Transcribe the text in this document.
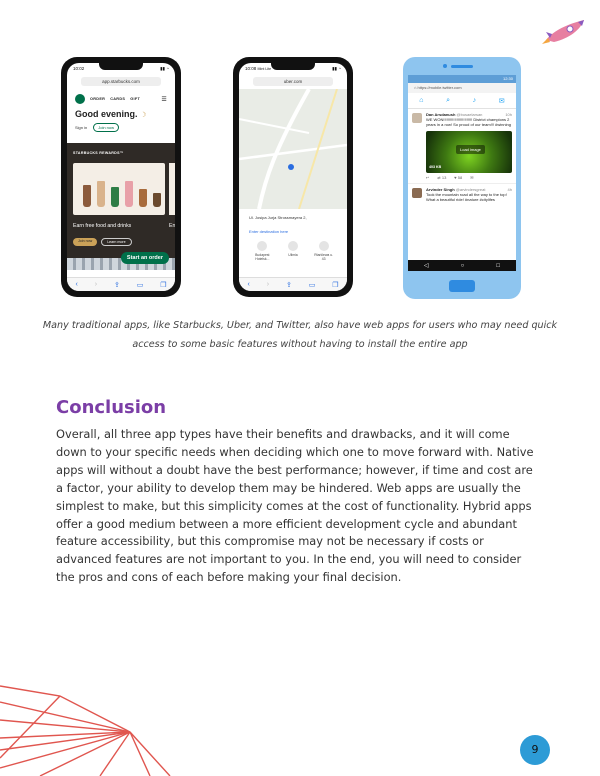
10:02	▮▮ ◔
app.starbucks.com
ORDER CARDS GIFT	☰
Good evening. ☽
Sign in	Join now
STARBUCKS REWARDS™
Earn free food and drinks	En
Join now	Learn more
Start an order
‹ › ⇪ ▭ ❐
10:08 Mint Lite	▮▮ ◔
uber.com
Ul. Josipa Jurja Strossmayera 2,
Enter destination here
Budapest Hotelsk...
Ulimia	Rtaričewa u. 43
‹ › ⇪ ▭ ❐
12:30
⌂ https://mobile.twitter.com
⌂	⌕	♪	✉
Dan Arsdanush @busaelarsan	10h
WE WON!!!!!!!!!!!!!!!!!!!!!!!!!! District champions 2 years in a row! So proud of our team!!! #winning
Load image
403 KB
↩ ⇄ 13 ♥ 58 ✉
Arvinder Singh @arvindersgreat	4h
Took the mountain road all the way to the top! What a beautiful ride! #nature #citylifes
◁	○	□
Many traditional apps, like Starbucks, Uber, and Twitter, also have web apps for users who may need quick access to some basic features without having to install the entire app
Conclusion

Overall, all three app types have their benefits and drawbacks, and it will come down to your specific needs when deciding which one to move forward with. Native apps will without a doubt have the best performance; however, if time and cost are a factor, your ability to develop them may be hindered. Web apps are usually the simplest to make, but this simplicity comes at the cost of functionality. Hybrid apps offer a good medium between a more efficient development cycle and abundant feature accessibility, but this compromise may not be necessary if costs or advanced features are not important to you. In the end, you will need to consider the pros and cons of each before making your final decision.

9
